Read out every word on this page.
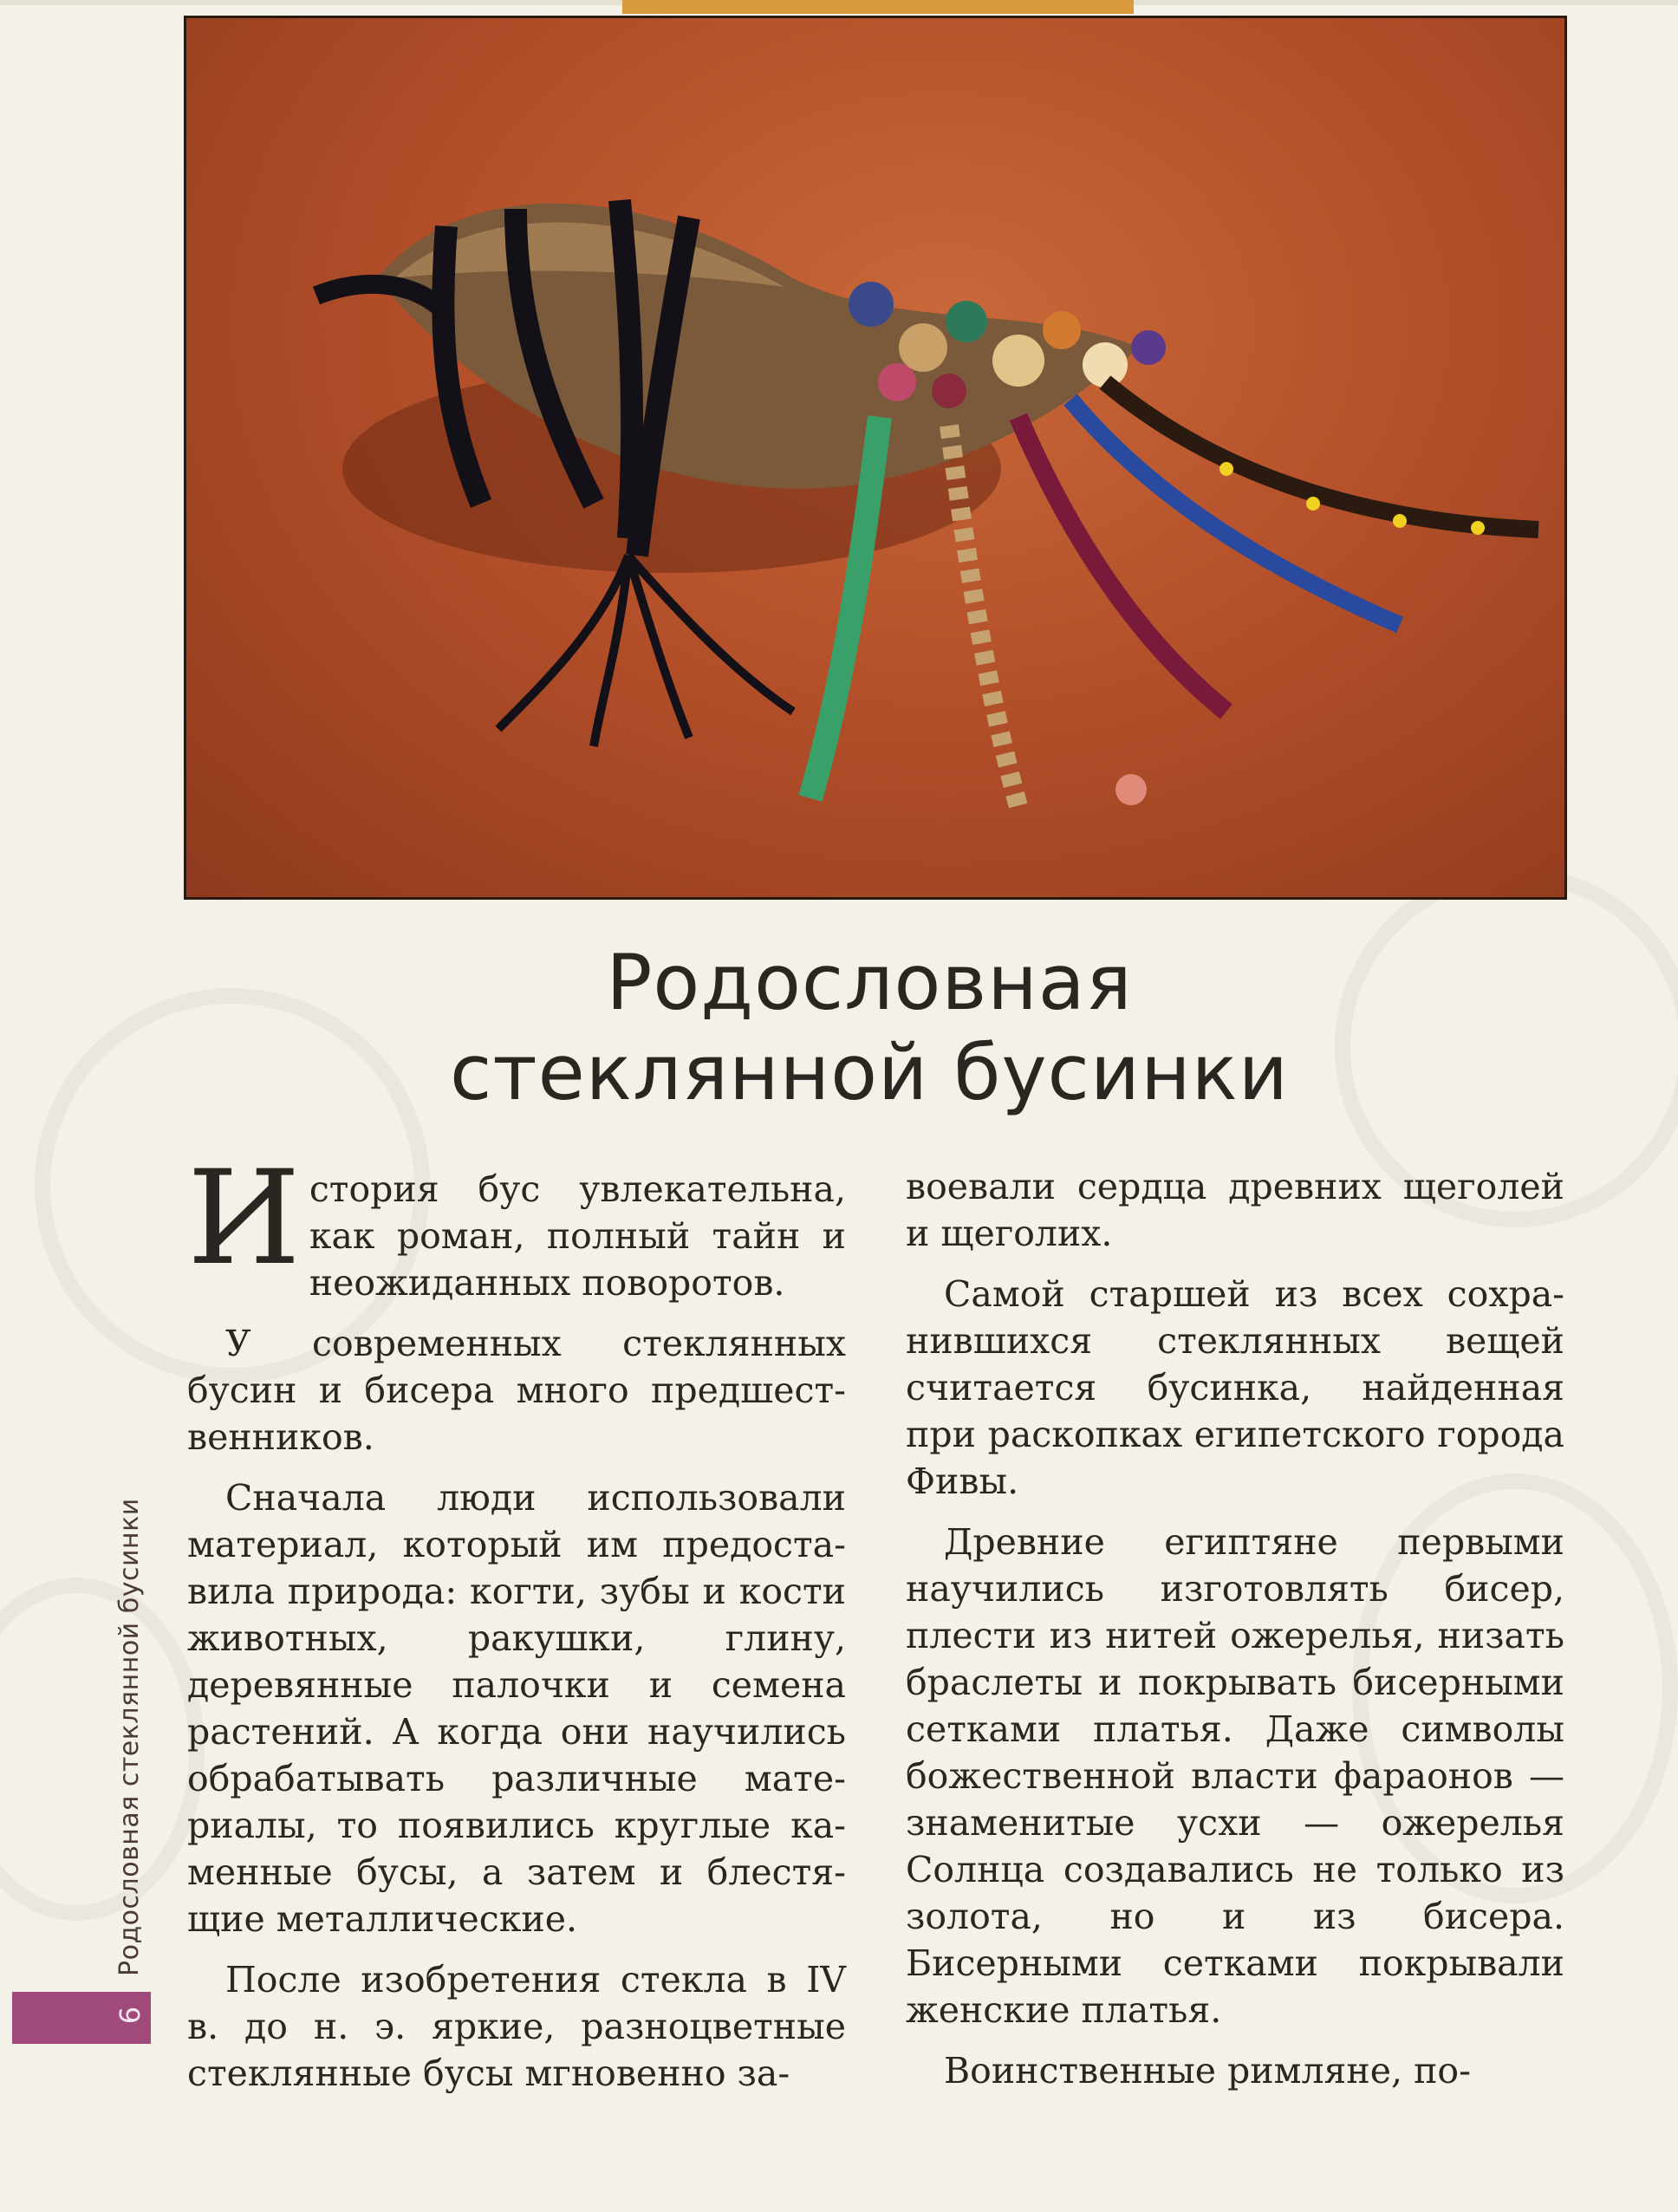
Родословная
стеклянной бусинки

История бус увлекательна, как роман, полный тайн и неожиданных поворотов.

У современных стеклянных бусин и бисера много предшественников.

Сначала люди использовали материал, который им предоставила природа: когти, зубы и кости животных, ракушки, глину, деревянные палочки и семена растений. А когда они научились обрабатывать различные материалы, то появились круглые каменные бусы, а затем и блестящие металлические.

После изобретения стекла в IV в. до н. э. яркие, разноцветные стеклянные бусы мгновенно за-

воевали сердца древних щеголей и щеголих.

Самой старшей из всех сохранившихся стеклянных вещей считается бусинка, найденная при раскопках египетского города Фивы.

Древние египтяне первыми научились изготовлять бисер, плести из нитей ожерелья, низать браслеты и покрывать бисерными сетками платья. Даже символы божественной власти фараонов — знаменитые усхи — ожерелья Солнца создавались не только из золота, но и из бисера. Бисерными сетками покрывали женские платья.

Воинственные римляне, по-

Родословная стеклянной бусинки
6
